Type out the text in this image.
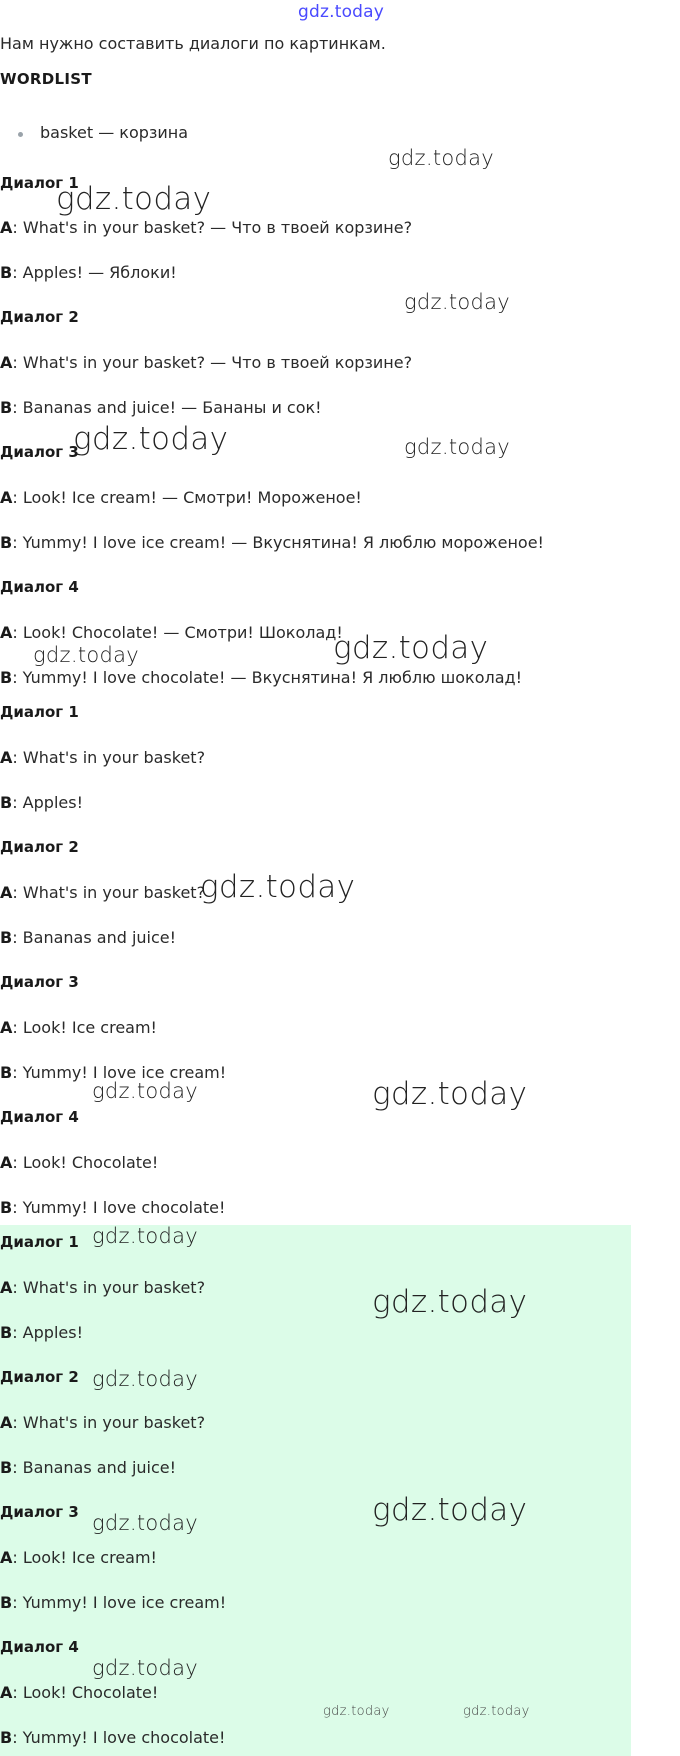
gdz.today
Нам нужно составить диалоги по картинкам.
WORDLIST
basket — корзина
Диалог 1
A: What's in your basket? — Что в твоей корзине?
B: Apples! — Яблоки!
Диалог 2
A: What's in your basket? — Что в твоей корзине?
B: Bananas and juice! — Бананы и сок!
Диалог 3
A: Look! Ice cream! — Смотри! Мороженое!
B: Yummy! I love ice cream! — Вкуснятина! Я люблю мороженое!
Диалог 4
A: Look! Chocolate! — Смотри! Шоколад!
B: Yummy! I love chocolate! — Вкуснятина! Я люблю шоколад!
Диалог 1
A: What's in your basket?
B: Apples!
Диалог 2
A: What's in your basket?
B: Bananas and juice!
Диалог 3
A: Look! Ice cream!
B: Yummy! I love ice cream!
Диалог 4
A: Look! Chocolate!
B: Yummy! I love chocolate!
Диалог 1
A: What's in your basket?
B: Apples!
Диалог 2
A: What's in your basket?
B: Bananas and juice!
Диалог 3
A: Look! Ice cream!
B: Yummy! I love ice cream!
Диалог 4
A: Look! Chocolate!
B: Yummy! I love chocolate!
gdz.today
gdz.today
gdz.today
gdz.today	gdz.today
gdz.today
gdz.today
gdz.today
gdz.today	gdz.today
gdz.today
gdz.today
gdz.today
gdz.today
gdz.today
gdz.today
gdz.today	gdz.today
